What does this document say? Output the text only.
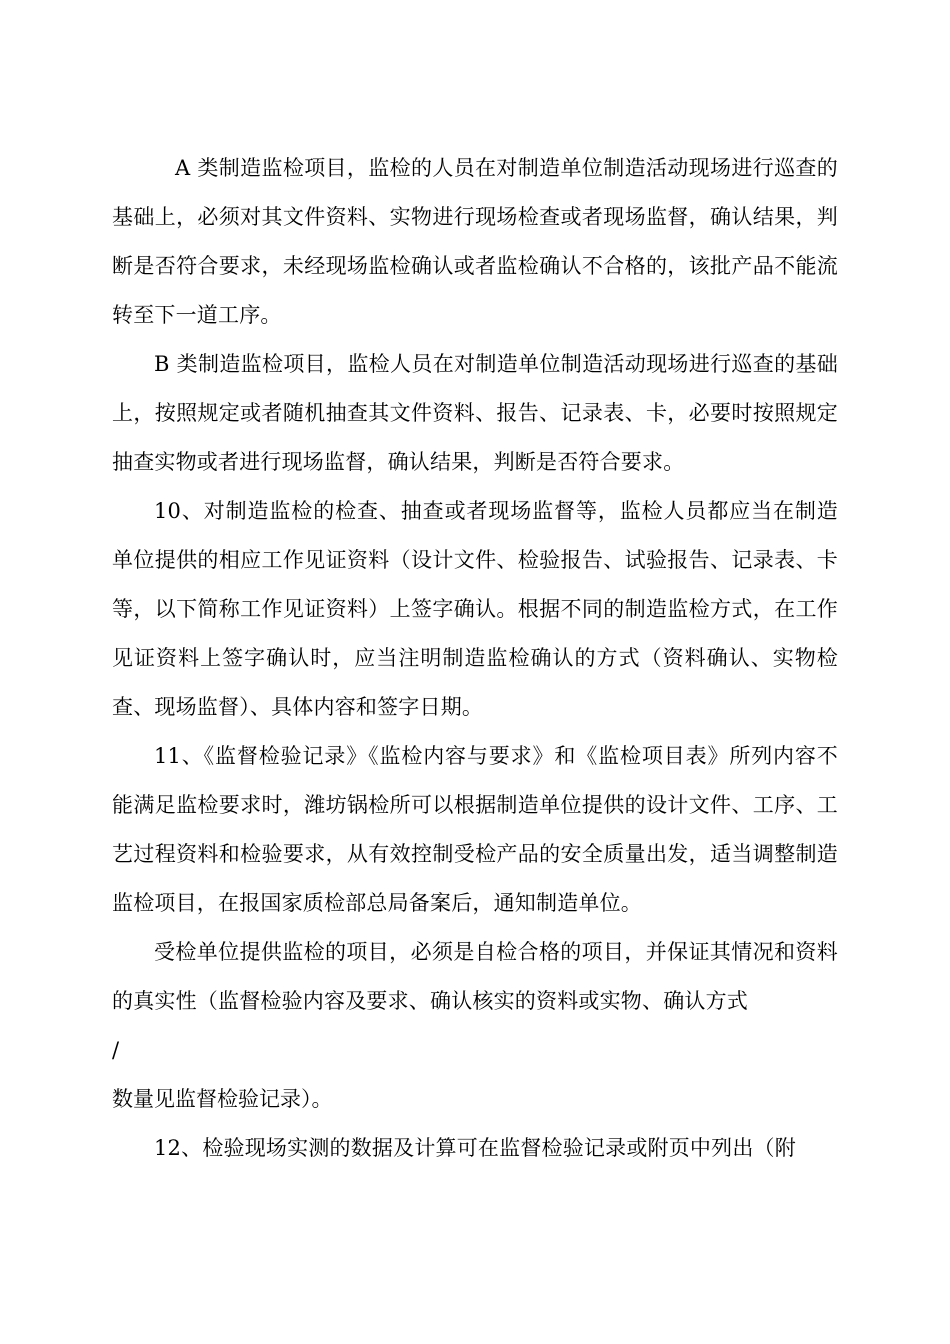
A 类制造监检项目，监检的人员在对制造单位制造活动现场进行巡查的基础上，必须对其文件资料、实物进行现场检查或者现场监督，确认结果，判断是否符合要求，未经现场监检确认或者监检确认不合格的，该批产品不能流转至下一道工序。

B 类制造监检项目，监检人员在对制造单位制造活动现场进行巡查的基础上，按照规定或者随机抽查其文件资料、报告、记录表、卡，必要时按照规定抽查实物或者进行现场监督，确认结果，判断是否符合要求。

10、对制造监检的检查、抽查或者现场监督等，监检人员都应当在制造单位提供的相应工作见证资料（设计文件、检验报告、试验报告、记录表、卡等，以下简称工作见证资料）上签字确认。根据不同的制造监检方式，在工作见证资料上签字确认时，应当注明制造监检确认的方式（资料确认、实物检查、现场监督）、具体内容和签字日期。

11、《监督检验记录》《监检内容与要求》和《监检项目表》所列内容不能满足监检要求时，潍坊锅检所可以根据制造单位提供的设计文件、工序、工艺过程资料和检验要求，从有效控制受检产品的安全质量出发，适当调整制造监检项目，在报国家质检部总局备案后，通知制造单位。

受检单位提供监检的项目，必须是自检合格的项目，并保证其情况和资料的真实性（监督检验内容及要求、确认核实的资料或实物、确认方式

/

数量见监督检验记录）。

12、检验现场实测的数据及计算可在监督检验记录或附页中列出（附
